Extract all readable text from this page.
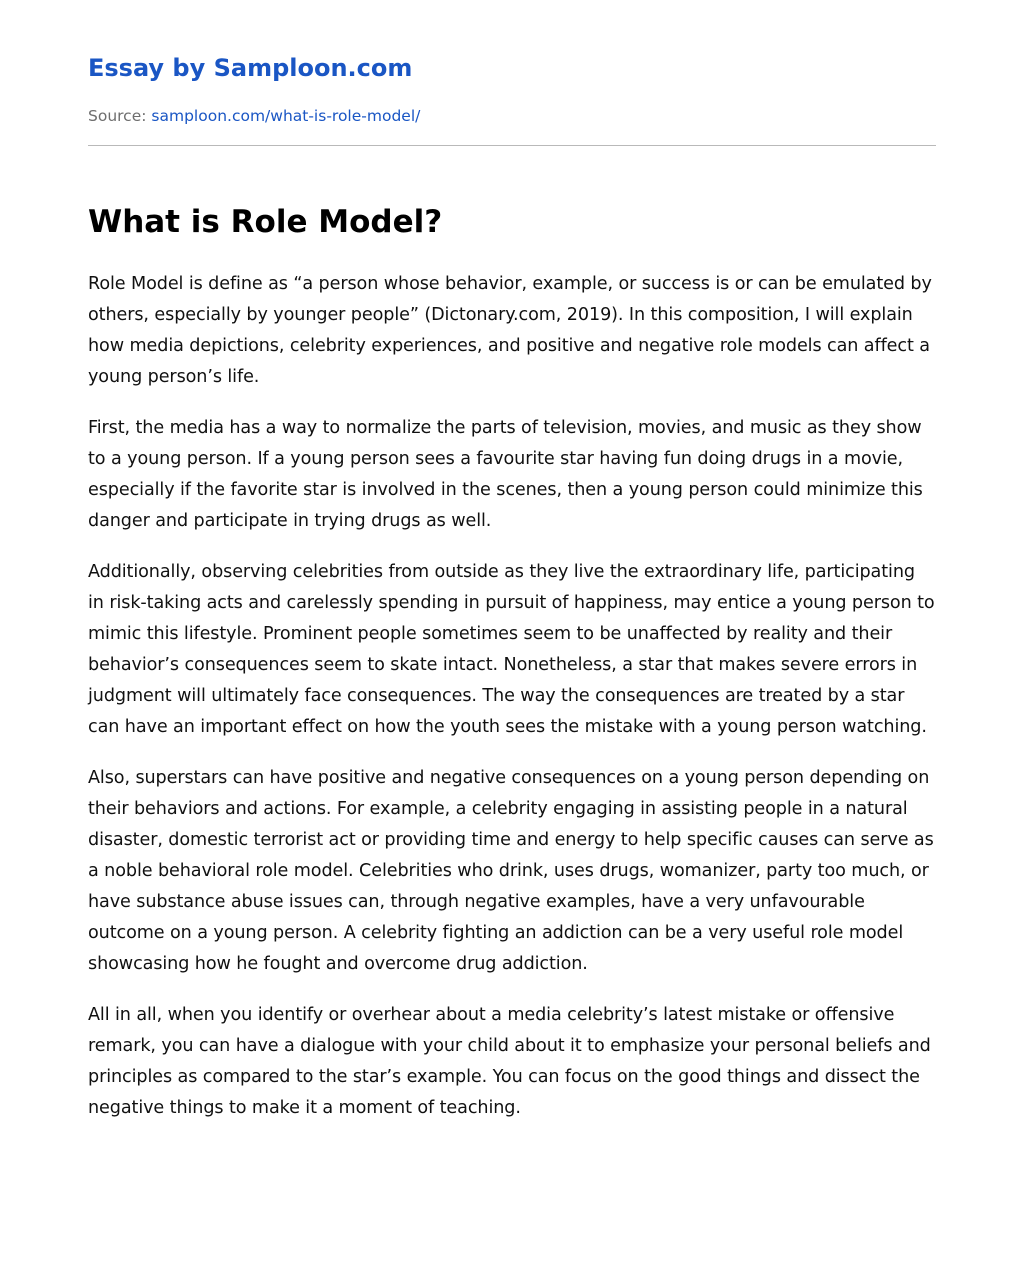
Essay by Samploon.com
Source: samploon.com/what-is-role-model/
What is Role Model?

Role Model is define as “a person whose behavior, example, or success is or can be emulated by others, especially by younger people” (Dictonary.com, 2019). In this composition, I will explain how media depictions, celebrity experiences, and positive and negative role models can affect a young person’s life.

First, the media has a way to normalize the parts of television, movies, and music as they show to a young person. If a young person sees a favourite star having fun doing drugs in a movie, especially if the favorite star is involved in the scenes, then a young person could minimize this danger and participate in trying drugs as well.

Additionally, observing celebrities from outside as they live the extraordinary life, participating in risk-taking acts and carelessly spending in pursuit of happiness, may entice a young person to mimic this lifestyle. Prominent people sometimes seem to be unaffected by reality and their behavior’s consequences seem to skate intact. Nonetheless, a star that makes severe errors in judgment will ultimately face consequences. The way the consequences are treated by a star can have an important effect on how the youth sees the mistake with a young person watching.

Also, superstars can have positive and negative consequences on a young person depending on their behaviors and actions. For example, a celebrity engaging in assisting people in a natural disaster, domestic terrorist act or providing time and energy to help specific causes can serve as a noble behavioral role model. Celebrities who drink, uses drugs, womanizer, party too much, or have substance abuse issues can, through negative examples, have a very unfavourable outcome on a young person. A celebrity fighting an addiction can be a very useful role model showcasing how he fought and overcome drug addiction.

All in all, when you identify or overhear about a media celebrity’s latest mistake or offensive remark, you can have a dialogue with your child about it to emphasize your personal beliefs and principles as compared to the star’s example. You can focus on the good things and dissect the negative things to make it a moment of teaching.
